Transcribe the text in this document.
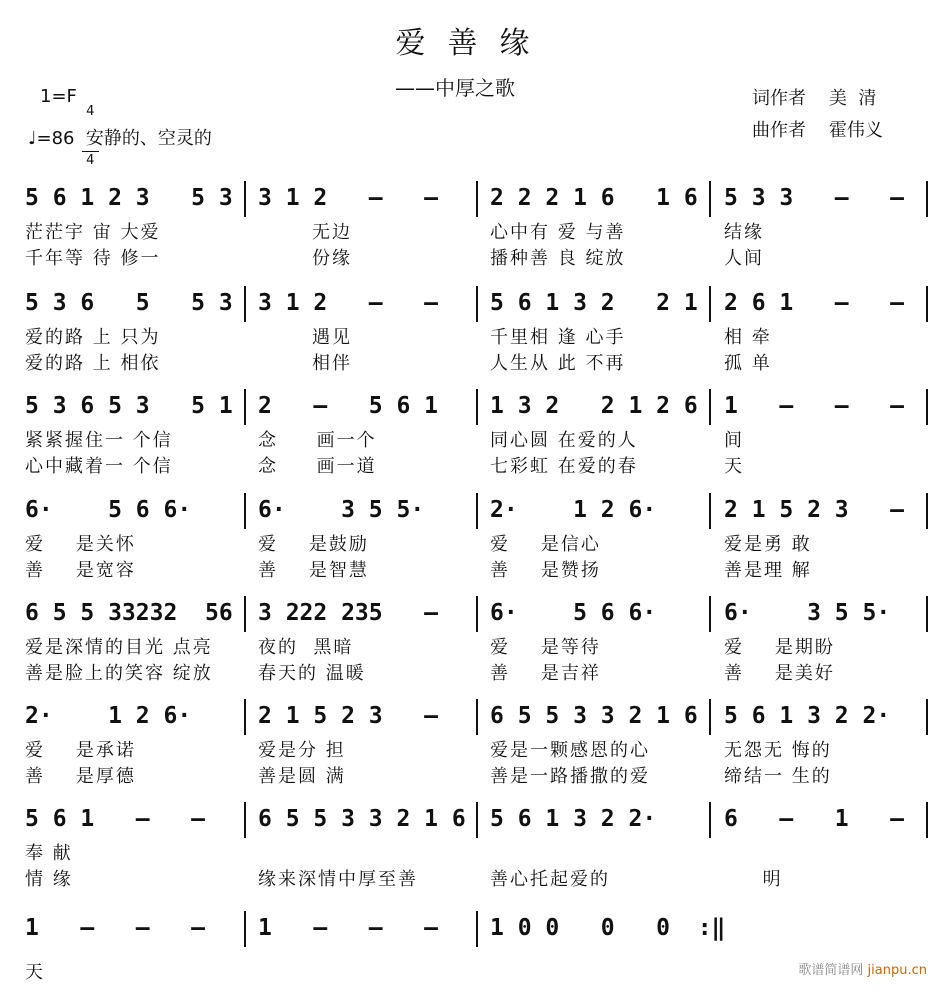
爱善缘
——中厚之歌
1=F

4

4

♩=86  安静的、空灵的
词作者    美  清
曲作者    霍伟义
5 6 1 2 3   5 3
茫茫宇 宙 大爱
千年等 待 修一
3 1 2   –   –
无边
份缘
2 2 2 1 6   1 6
心中有 爱 与善
播种善 良 绽放
5 3 3   –   –
结缘
人间
5 3 6   5   5 3
爱的路 上 只为
爱的路 上 相依
3 1 2   –   –
遇见
相伴
5 6 1 3 2   2 1
千里相 逢 心手
人生从 此 不再
2 6 1   –   –
相 牵
孤 单
5 3 6 5 3   5 1
紧紧握住一 个信
心中藏着一 个信
2   –   5 6 1
念     画一个
念     画一道
1 3 2   2 1 2 6
同心圆 在爱的人
七彩虹 在爱的春
1   –   –   –
间
天
6·    5 6 6·
爱    是关怀
善    是宽容
6·    3 5 5·
爱    是鼓励
善    是智慧
2·    1 2 6·
爱    是信心
善    是赞扬
2 1 5 2 3   –
爱是勇 敢
善是理 解
6 5 5 33232  56
爱是深情的目光 点亮
善是脸上的笑容 绽放
3 222 235   –
夜的  黑暗
春天的 温暖
6·    5 6 6·
爱    是等待
善    是吉祥
6·    3 5 5·
爱    是期盼
善    是美好
2·    1 2 6·
爱    是承诺
善    是厚德
2 1 5 2 3   –
爱是分 担
善是圆 满
6 5 5 3 3 2 1 6
爱是一颗感恩的心
善是一路播撒的爱
5 6 1 3 2 2·
无怨无 悔的
缔结一 生的
5 6 1   –   –
奉 献
情 缘
6 5 5 3 3 2 1 6
缘来深情中厚至善
5 6 1 3 2 2·
善心托起爱的
6   –   1   –
明
1   –   –   –
天
1   –   –   – 1 0 0   0   0  :‖
歌谱简谱网 jianpu.cn
